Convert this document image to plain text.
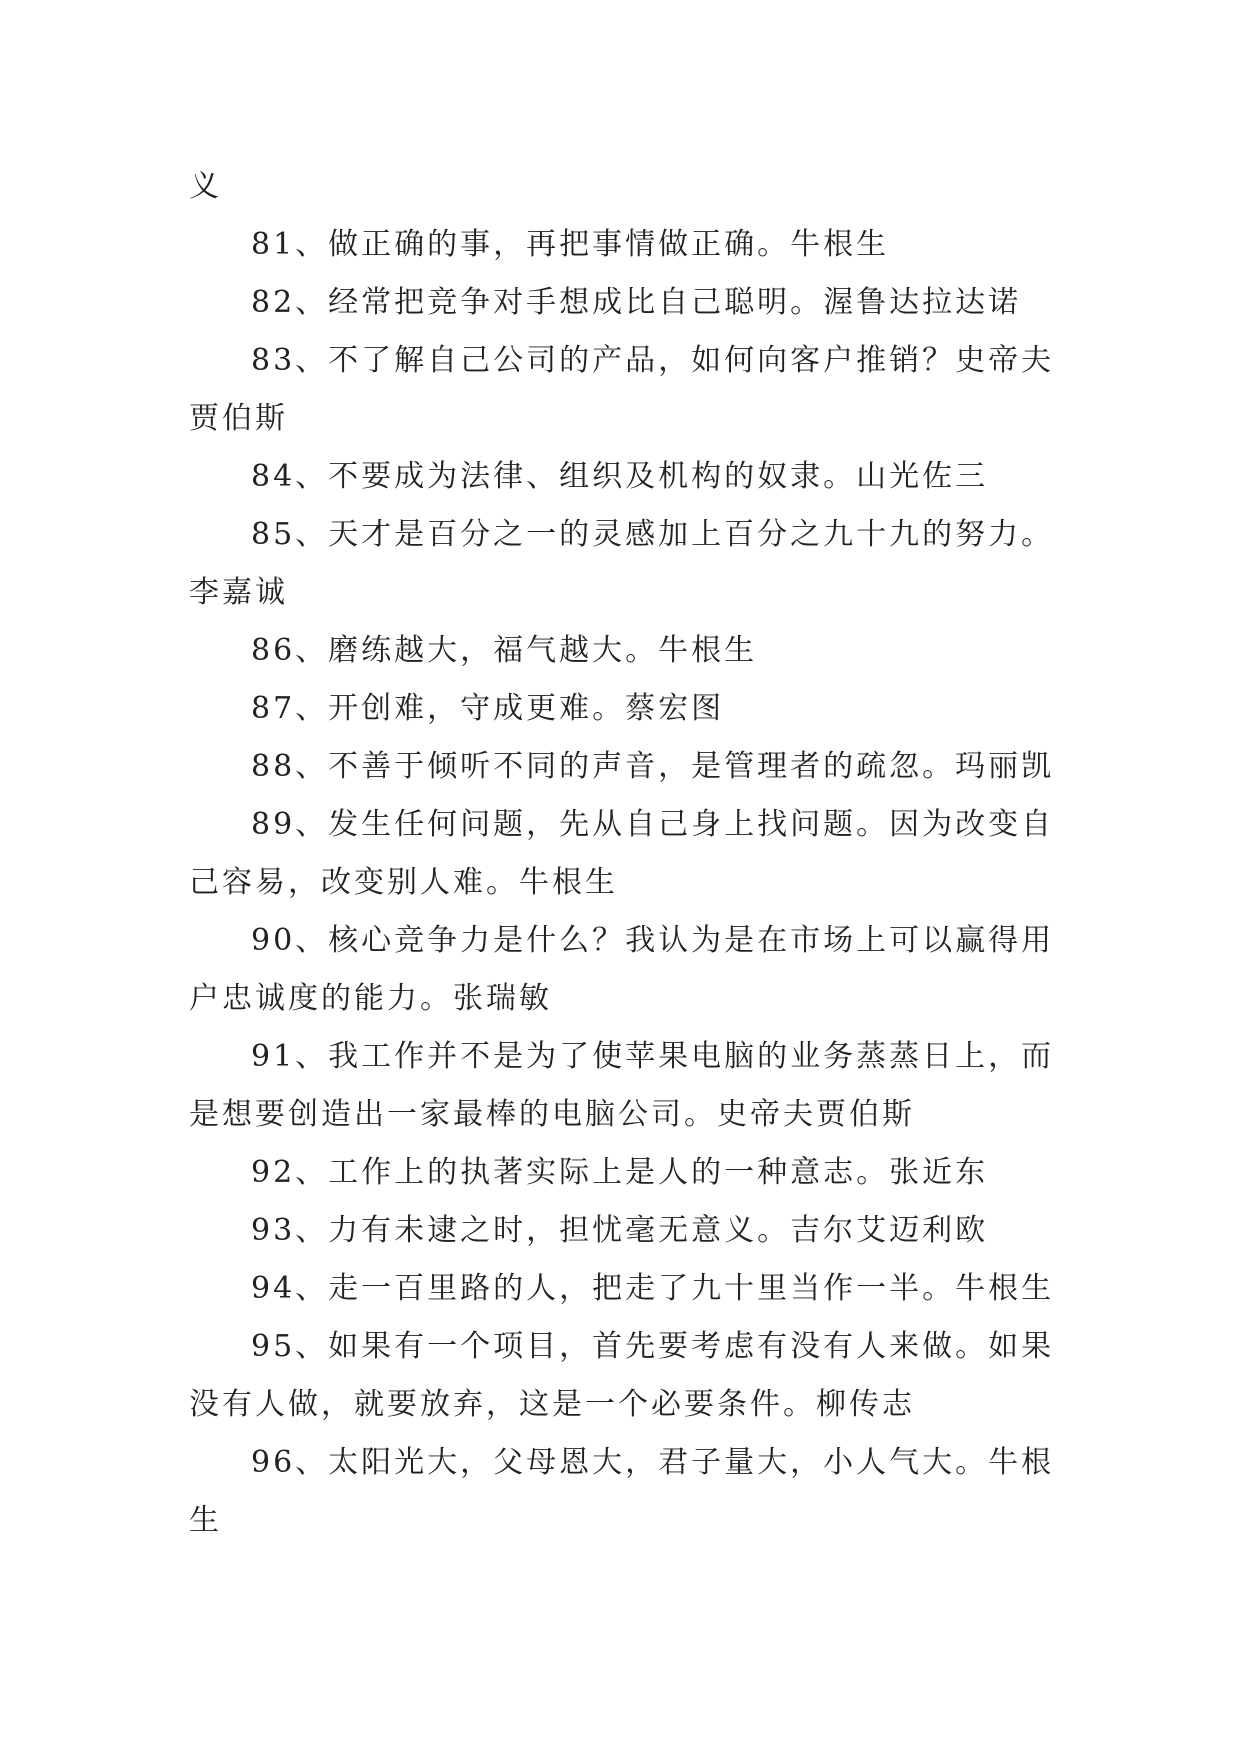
义
81、做正确的事，再把事情做正确。牛根生
82、经常把竞争对手想成比自己聪明。渥鲁达拉达诺
83、不了解自己公司的产品，如何向客户推销？史帝夫
贾伯斯
84、不要成为法律、组织及机构的奴隶。山光佐三
85、天才是百分之一的灵感加上百分之九十九的努力。
李嘉诚
86、磨练越大，福气越大。牛根生
87、开创难，守成更难。蔡宏图
88、不善于倾听不同的声音，是管理者的疏忽。玛丽凯
89、发生任何问题，先从自己身上找问题。因为改变自
己容易，改变别人难。牛根生
90、核心竞争力是什么？我认为是在市场上可以赢得用
户忠诚度的能力。张瑞敏
91、我工作并不是为了使苹果电脑的业务蒸蒸日上，而
是想要创造出一家最棒的电脑公司。史帝夫贾伯斯
92、工作上的执著实际上是人的一种意志。张近东
93、力有未逮之时，担忧毫无意义。吉尔艾迈利欧
94、走一百里路的人，把走了九十里当作一半。牛根生
95、如果有一个项目，首先要考虑有没有人来做。如果
没有人做，就要放弃，这是一个必要条件。柳传志
96、太阳光大，父母恩大，君子量大，小人气大。牛根
生
